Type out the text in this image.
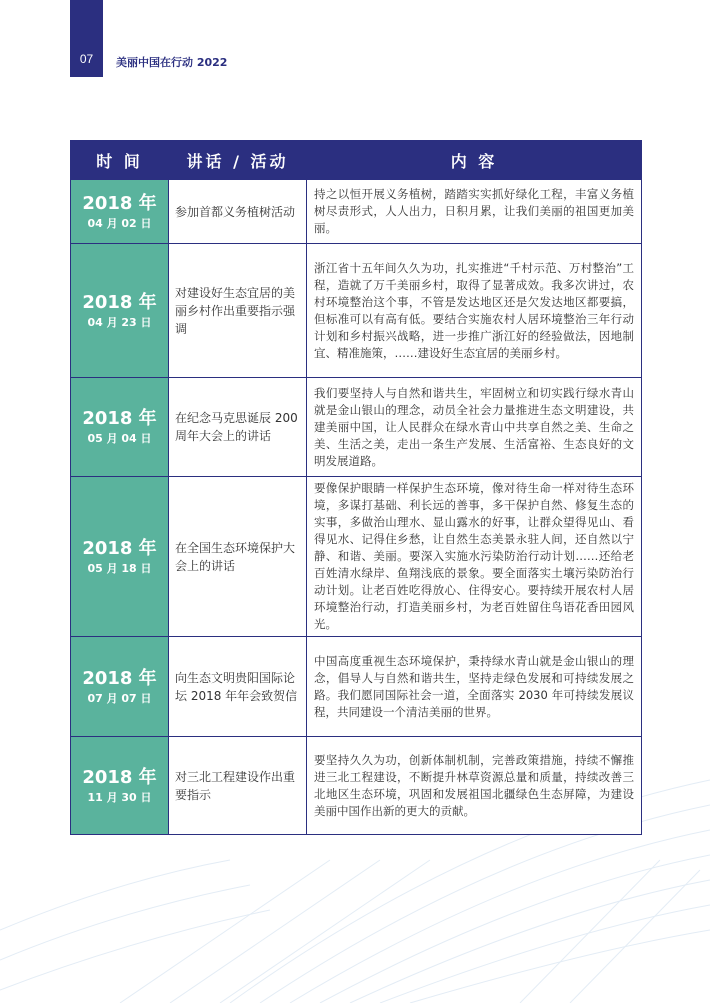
07	美丽中国在行动 2022
时 间	讲话 / 活动	内 容

2018 年
04 月 02 日	参加首都义务植树活动	持之以恒开展义务植树，踏踏实实抓好绿化工程，丰富义务植树尽责形式，人人出力，日积月累，让我们美丽的祖国更加美丽。

2018 年
04 月 23 日	对建设好生态宜居的美丽乡村作出重要指示强调	浙江省十五年间久久为功，扎实推进“千村示范、万村整治”工程，造就了万千美丽乡村，取得了显著成效。我多次讲过，农村环境整治这个事，不管是发达地区还是欠发达地区都要搞，但标准可以有高有低。要结合实施农村人居环境整治三年行动计划和乡村振兴战略，进一步推广浙江好的经验做法，因地制宜、精准施策，……建设好生态宜居的美丽乡村。

2018 年
05 月 04 日	在纪念马克思诞辰 200 周年大会上的讲话	我们要坚持人与自然和谐共生，牢固树立和切实践行绿水青山就是金山银山的理念，动员全社会力量推进生态文明建设，共建美丽中国，让人民群众在绿水青山中共享自然之美、生命之美、生活之美，走出一条生产发展、生活富裕、生态良好的文明发展道路。

2018 年
05 月 18 日	在全国生态环境保护大会上的讲话	要像保护眼睛一样保护生态环境，像对待生命一样对待生态环境，多谋打基础、利长远的善事，多干保护自然、修复生态的实事，多做治山理水、显山露水的好事，让群众望得见山、看得见水、记得住乡愁，让自然生态美景永驻人间，还自然以宁静、和谐、美丽。要深入实施水污染防治行动计划……还给老百姓清水绿岸、鱼翔浅底的景象。要全面落实土壤污染防治行动计划。让老百姓吃得放心、住得安心。要持续开展农村人居环境整治行动，打造美丽乡村，为老百姓留住鸟语花香田园风光。

2018 年
07 月 07 日	向生态文明贵阳国际论坛 2018 年年会致贺信	中国高度重视生态环境保护，秉持绿水青山就是金山银山的理念，倡导人与自然和谐共生，坚持走绿色发展和可持续发展之路。我们愿同国际社会一道，全面落实 2030 年可持续发展议程，共同建设一个清洁美丽的世界。

2018 年
11 月 30 日	对三北工程建设作出重要指示	要坚持久久为功，创新体制机制，完善政策措施，持续不懈推进三北工程建设，不断提升林草资源总量和质量，持续改善三北地区生态环境，巩固和发展祖国北疆绿色生态屏障，为建设美丽中国作出新的更大的贡献。
